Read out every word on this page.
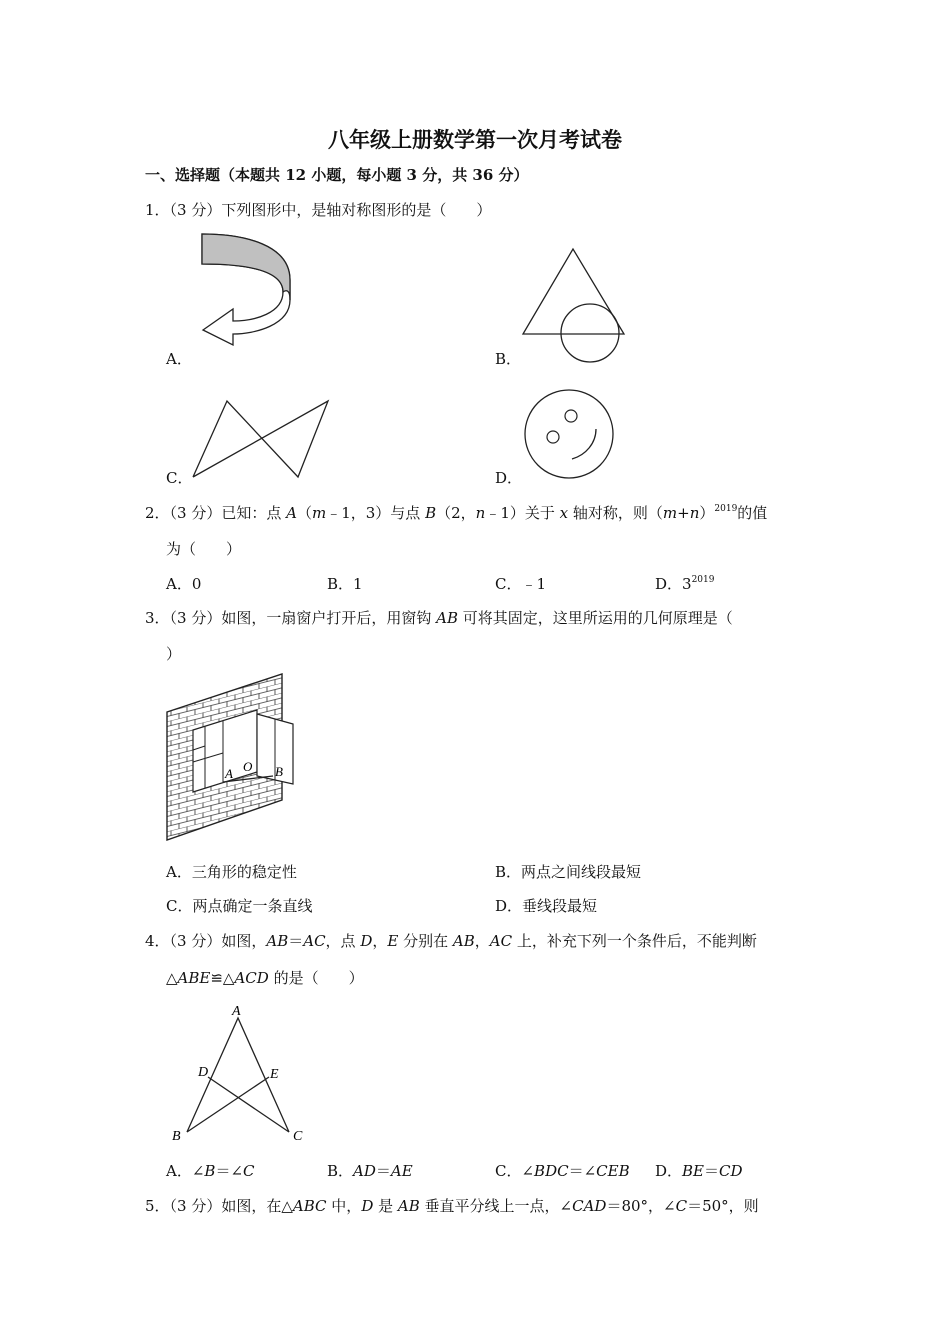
八年级上册数学第一次月考试卷
一、选择题（本题共 12 小题，每小题 3 分，共 36 分）
1．（3 分）下列图形中，是轴对称图形的是（　　）
A．	B．
C．	D．
2．（3 分）已知：点 A（m﹣1，3）与点 B（2，n﹣1）关于 x 轴对称，则$(m+n)^{2019}$的值
为（　　）
A．0	B．1	C．﹣1	D．$3^{2019}$
3．（3 分）如图，一扇窗户打开后，用窗钩 AB 可将其固定，这里所运用的几何原理是（
）
A O B
A．三角形的稳定性	B．两点之间线段最短
C．两点确定一条直线	D．垂线段最短
4．（3 分）如图，AB＝AC，点 D，E 分别在 AB，AC 上，补充下列一个条件后，不能判断
△ABE≌△ACD 的是（　　）
A
D	E
B	C
A．∠B＝∠C	B．AD＝AE	C．∠BDC＝∠CEB D．BE＝CD
5．（3 分）如图，在△ABC 中，D 是 AB 垂直平分线上一点，∠CAD＝80°，∠C＝50°，则
